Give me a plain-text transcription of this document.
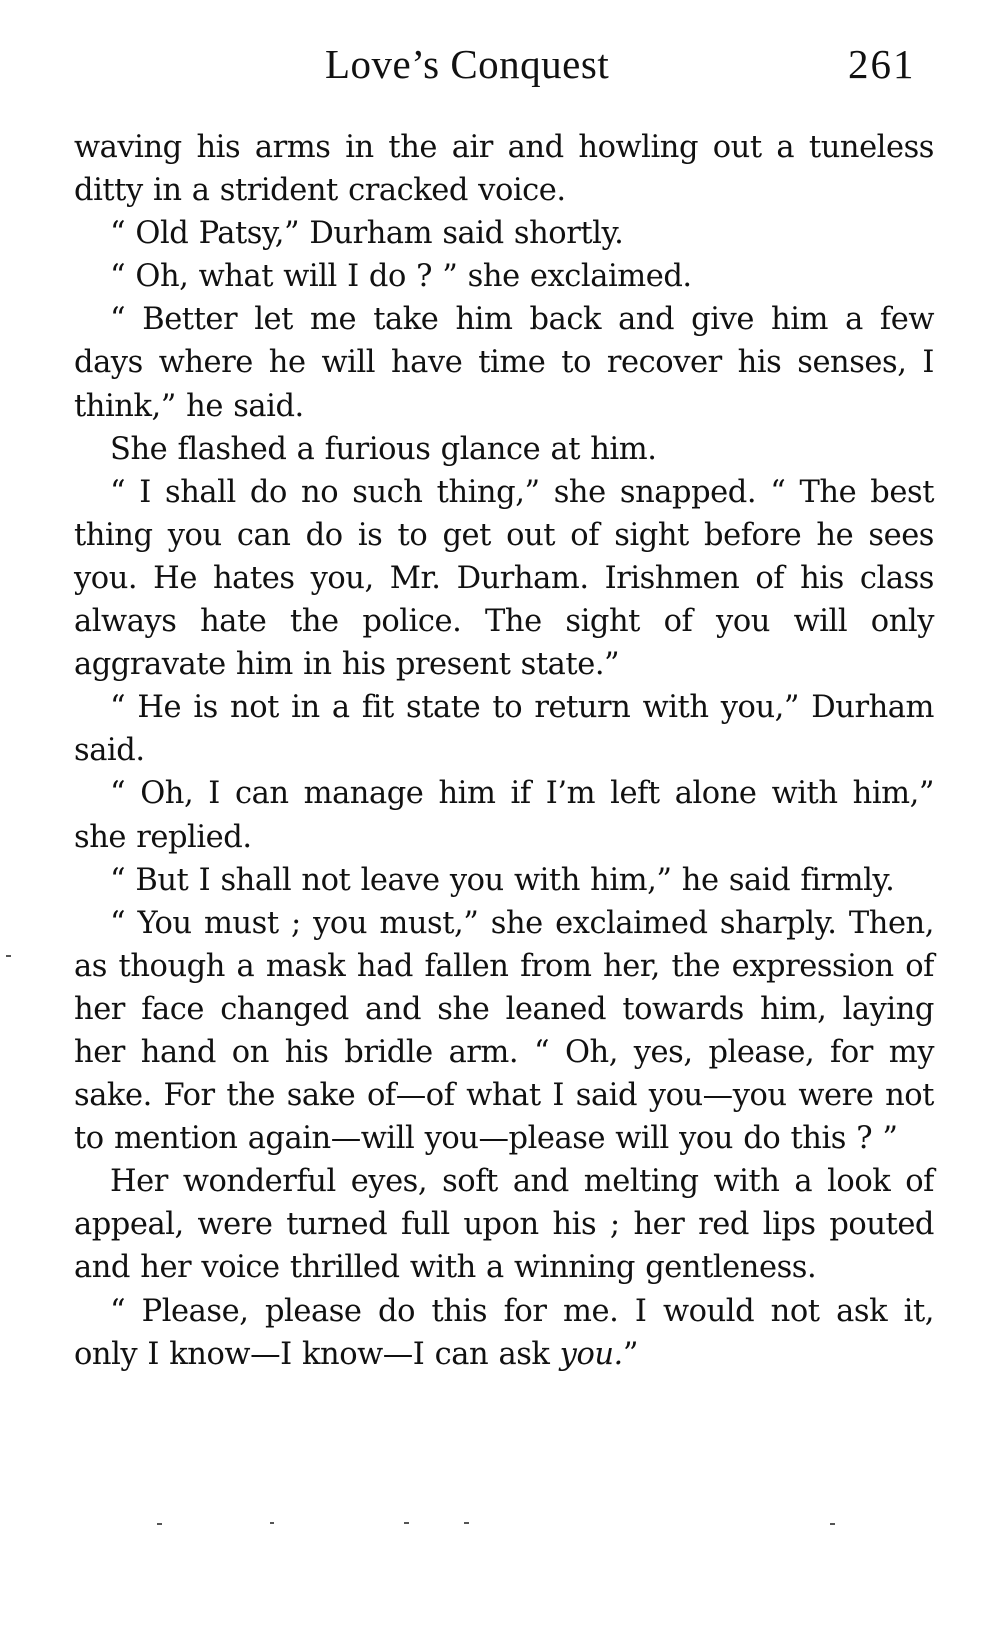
Love’s Conquest	261

waving his arms in the air and howling out a tuneless ditty in a strident cracked voice.

“ Old Patsy,” Durham said shortly.

“ Oh, what will I do ? ” she exclaimed.

“ Better let me take him back and give him a few days where he will have time to recover his senses, I think,” he said.

She flashed a furious glance at him.

“ I shall do no such thing,” she snapped. “ The best thing you can do is to get out of sight before he sees you. He hates you, Mr. Durham. Irishmen of his class always hate the police. The sight of you will only aggravate him in his present state.”

“ He is not in a fit state to return with you,” Durham said.

“ Oh, I can manage him if I’m left alone with him,” she replied.

“ But I shall not leave you with him,” he said firmly.

“ You must ; you must,” she exclaimed sharply. Then, as though a mask had fallen from her, the expression of her face changed and she leaned towards him, laying her hand on his bridle arm. “ Oh, yes, please, for my sake. For the sake of—of what I said you—you were not to mention again—will you—please will you do this ? ”

Her wonderful eyes, soft and melting with a look of appeal, were turned full upon his ; her red lips pouted and her voice thrilled with a winning gentleness.

“ Please, please do this for me. I would not ask it, only I know—I know—I can ask you.”
